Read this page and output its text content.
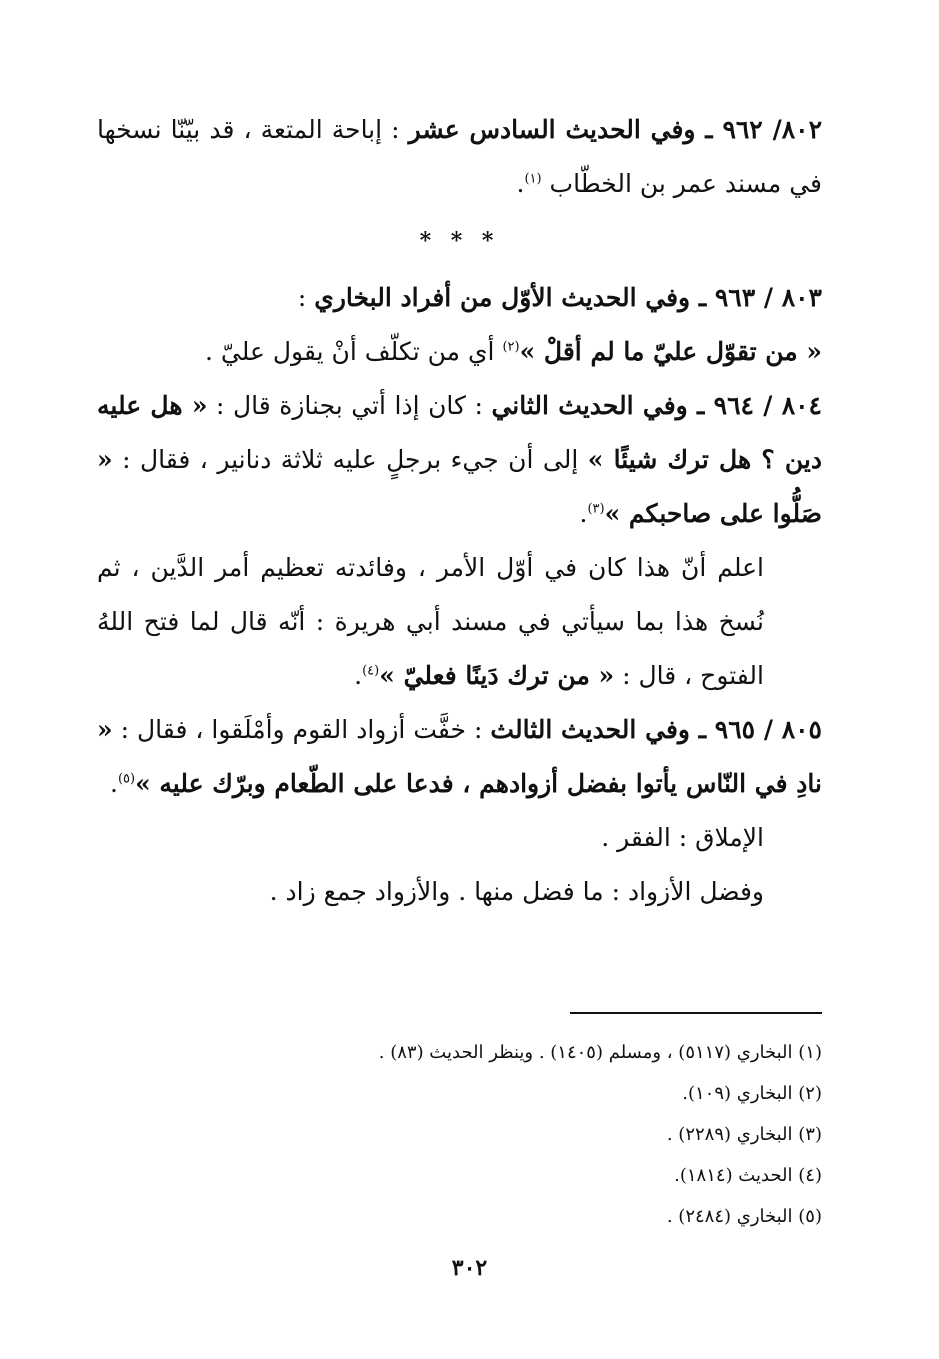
٨٠٢/ ٩٦٢ ـ وفي الحديث السادس عشر : إباحة المتعة ، قد بيّنّا نسخها في مسند عمر بن الخطّاب $^{(١)}$.

* * *

٨٠٣ / ٩٦٣ ـ وفي الحديث الأوّل من أفراد البخاري :

« من تقوّل عليّ ما لم أقلْ »$^{(٢)}$ أي من تكلّف أنْ يقول عليّ .

٨٠٤ / ٩٦٤ ـ وفي الحديث الثاني : كان إذا أتي بجنازة قال : « هل عليه دين ؟ هل ترك شيئًا » إلى أن جيء برجلٍ عليه ثلاثة دنانير ، فقال : « صَلُّوا على صاحبكم »$^{(٣)}$.

اعلم أنّ هذا كان في أوّل الأمر ، وفائدته تعظيم أمر الدَّين ، ثم نُسخ هذا بما سيأتي في مسند أبي هريرة : أنّه قال لما فتح اللهُ الفتوح ، قال : « من ترك دَينًا فعليّ »$^{(٤)}$.

٨٠٥ / ٩٦٥ ـ وفي الحديث الثالث : خفَّت أزواد القوم وأمْلَقوا ، فقال : « نادِ في النّاس يأتوا بفضل أزوادهم ، فدعا على الطّعام وبرّك عليه »$^{(٥)}$.

الإملاق : الفقر .

وفضل الأزواد : ما فضل منها . والأزواد جمع زاد .

(١) البخاري (٥١١٧) ، ومسلم (١٤٠٥) . وينظر الحديث (٨٣) .

(٢) البخاري (١٠٩).

(٣) البخاري (٢٢٨٩) .

(٤) الحديث (١٨١٤).

(٥) البخاري (٢٤٨٤) .

٣٠٢
